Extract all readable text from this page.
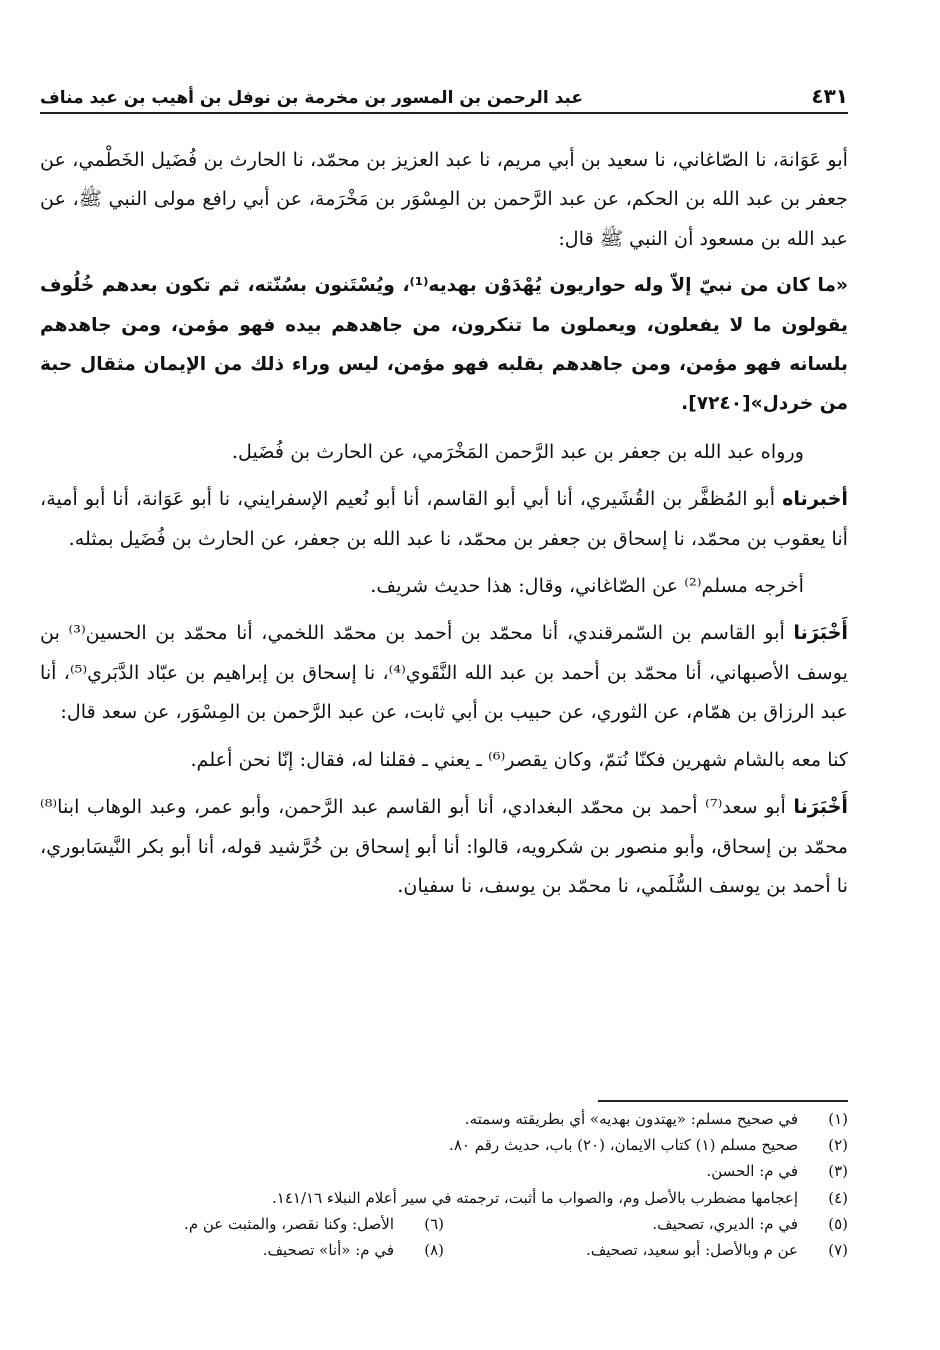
عبد الرحمن بن المسور بن مخرمة بن نوفل بن أهيب بن عبد مناف	٤٣١

أبو عَوَانة، نا الصّاغاني، نا سعيد بن أبي مريم، نا عبد العزيز بن محمّد، نا الحارث بن فُضَيل الخَطْمي، عن جعفر بن عبد الله بن الحكم، عن عبد الرَّحمن بن المِسْوَر بن مَخْرَمة، عن أبي رافع مولى النبي ﷺ، عن عبد الله بن مسعود أن النبي ﷺ قال:

«ما كان من نبيّ إلاّ وله حواريون يُهْدَوْن بهديه⁽¹⁾، ويُسْتَنون بسُنّته، ثم تكون بعدهم خُلُوف يقولون ما لا يفعلون، ويعملون ما تنكرون، من جاهدهم بيده فهو مؤمن، ومن جاهدهم بلسانه فهو مؤمن، ومن جاهدهم بقلبه فهو مؤمن، ليس وراء ذلك من الإيمان مثقال حبة من خردل»[٧٢٤٠].

ورواه عبد الله بن جعفر بن عبد الرَّحمن المَخْرَمي، عن الحارث بن فُضَيل.

أخبرناه أبو المُظفَّر بن القُشَيري، أنا أبي أبو القاسم، أنا أبو نُعيم الإسفرايني، نا أبو عَوَانة، أنا أبو أمية، أنا يعقوب بن محمّد، نا إسحاق بن جعفر بن محمّد، نا عبد الله بن جعفر، عن الحارث بن فُضَيل بمثله.

أخرجه مسلم⁽²⁾ عن الصّاغاني، وقال: هذا حديث شريف.

أَخْبَرَنا أبو القاسم بن السّمرقندي، أنا محمّد بن أحمد بن محمّد اللخمي، أنا محمّد بن الحسين⁽³⁾ بن يوسف الأصبهاني، أنا محمّد بن أحمد بن عبد الله النَّقَوي⁽⁴⁾، نا إسحاق بن إبراهيم بن عبّاد الدَّبَري⁽⁵⁾، أنا عبد الرزاق بن همّام، عن الثوري، عن حبيب بن أبي ثابت، عن عبد الرَّحمن بن المِسْوَر، عن سعد قال:

كنا معه بالشام شهرين فكنّا نُتمّ، وكان يقصر⁽⁶⁾ ـ يعني ـ فقلنا له، فقال: إنّا نحن أعلم.

أَخْبَرَنا أبو سعد⁽⁷⁾ أحمد بن محمّد البغدادي، أنا أبو القاسم عبد الرَّحمن، وأبو عمر، وعبد الوهاب ابنا⁽⁸⁾ محمّد بن إسحاق، وأبو منصور بن شكرويه، قالوا: أنا أبو إسحاق بن خُرَّشيد قوله، أنا أبو بكر النَّيسَابوري، نا أحمد بن يوسف السُّلَمي، نا محمّد بن يوسف، نا سفيان.

(١)
في صحيح مسلم: «يهتدون بهديه» أي بطريقته وسمته.
(٢)
صحيح مسلم (١) كتاب الايمان، (٢٠) باب، حديث رقم ٨٠.
(٣)
في م: الحسن.
(٤)
إعجامها مضطرب بالأصل وم، والصواب ما أثبت، ترجمته في سير أعلام النبلاء ١٤١/١٦.
(٥)
في م: الديري، تصحيف.
(٦)
الأصل: وكنا نقصر، والمثبت عن م.
(٧)
عن م وبالأصل: أبو سعيد، تصحيف.
(٨)
في م: «أنا» تصحيف.
